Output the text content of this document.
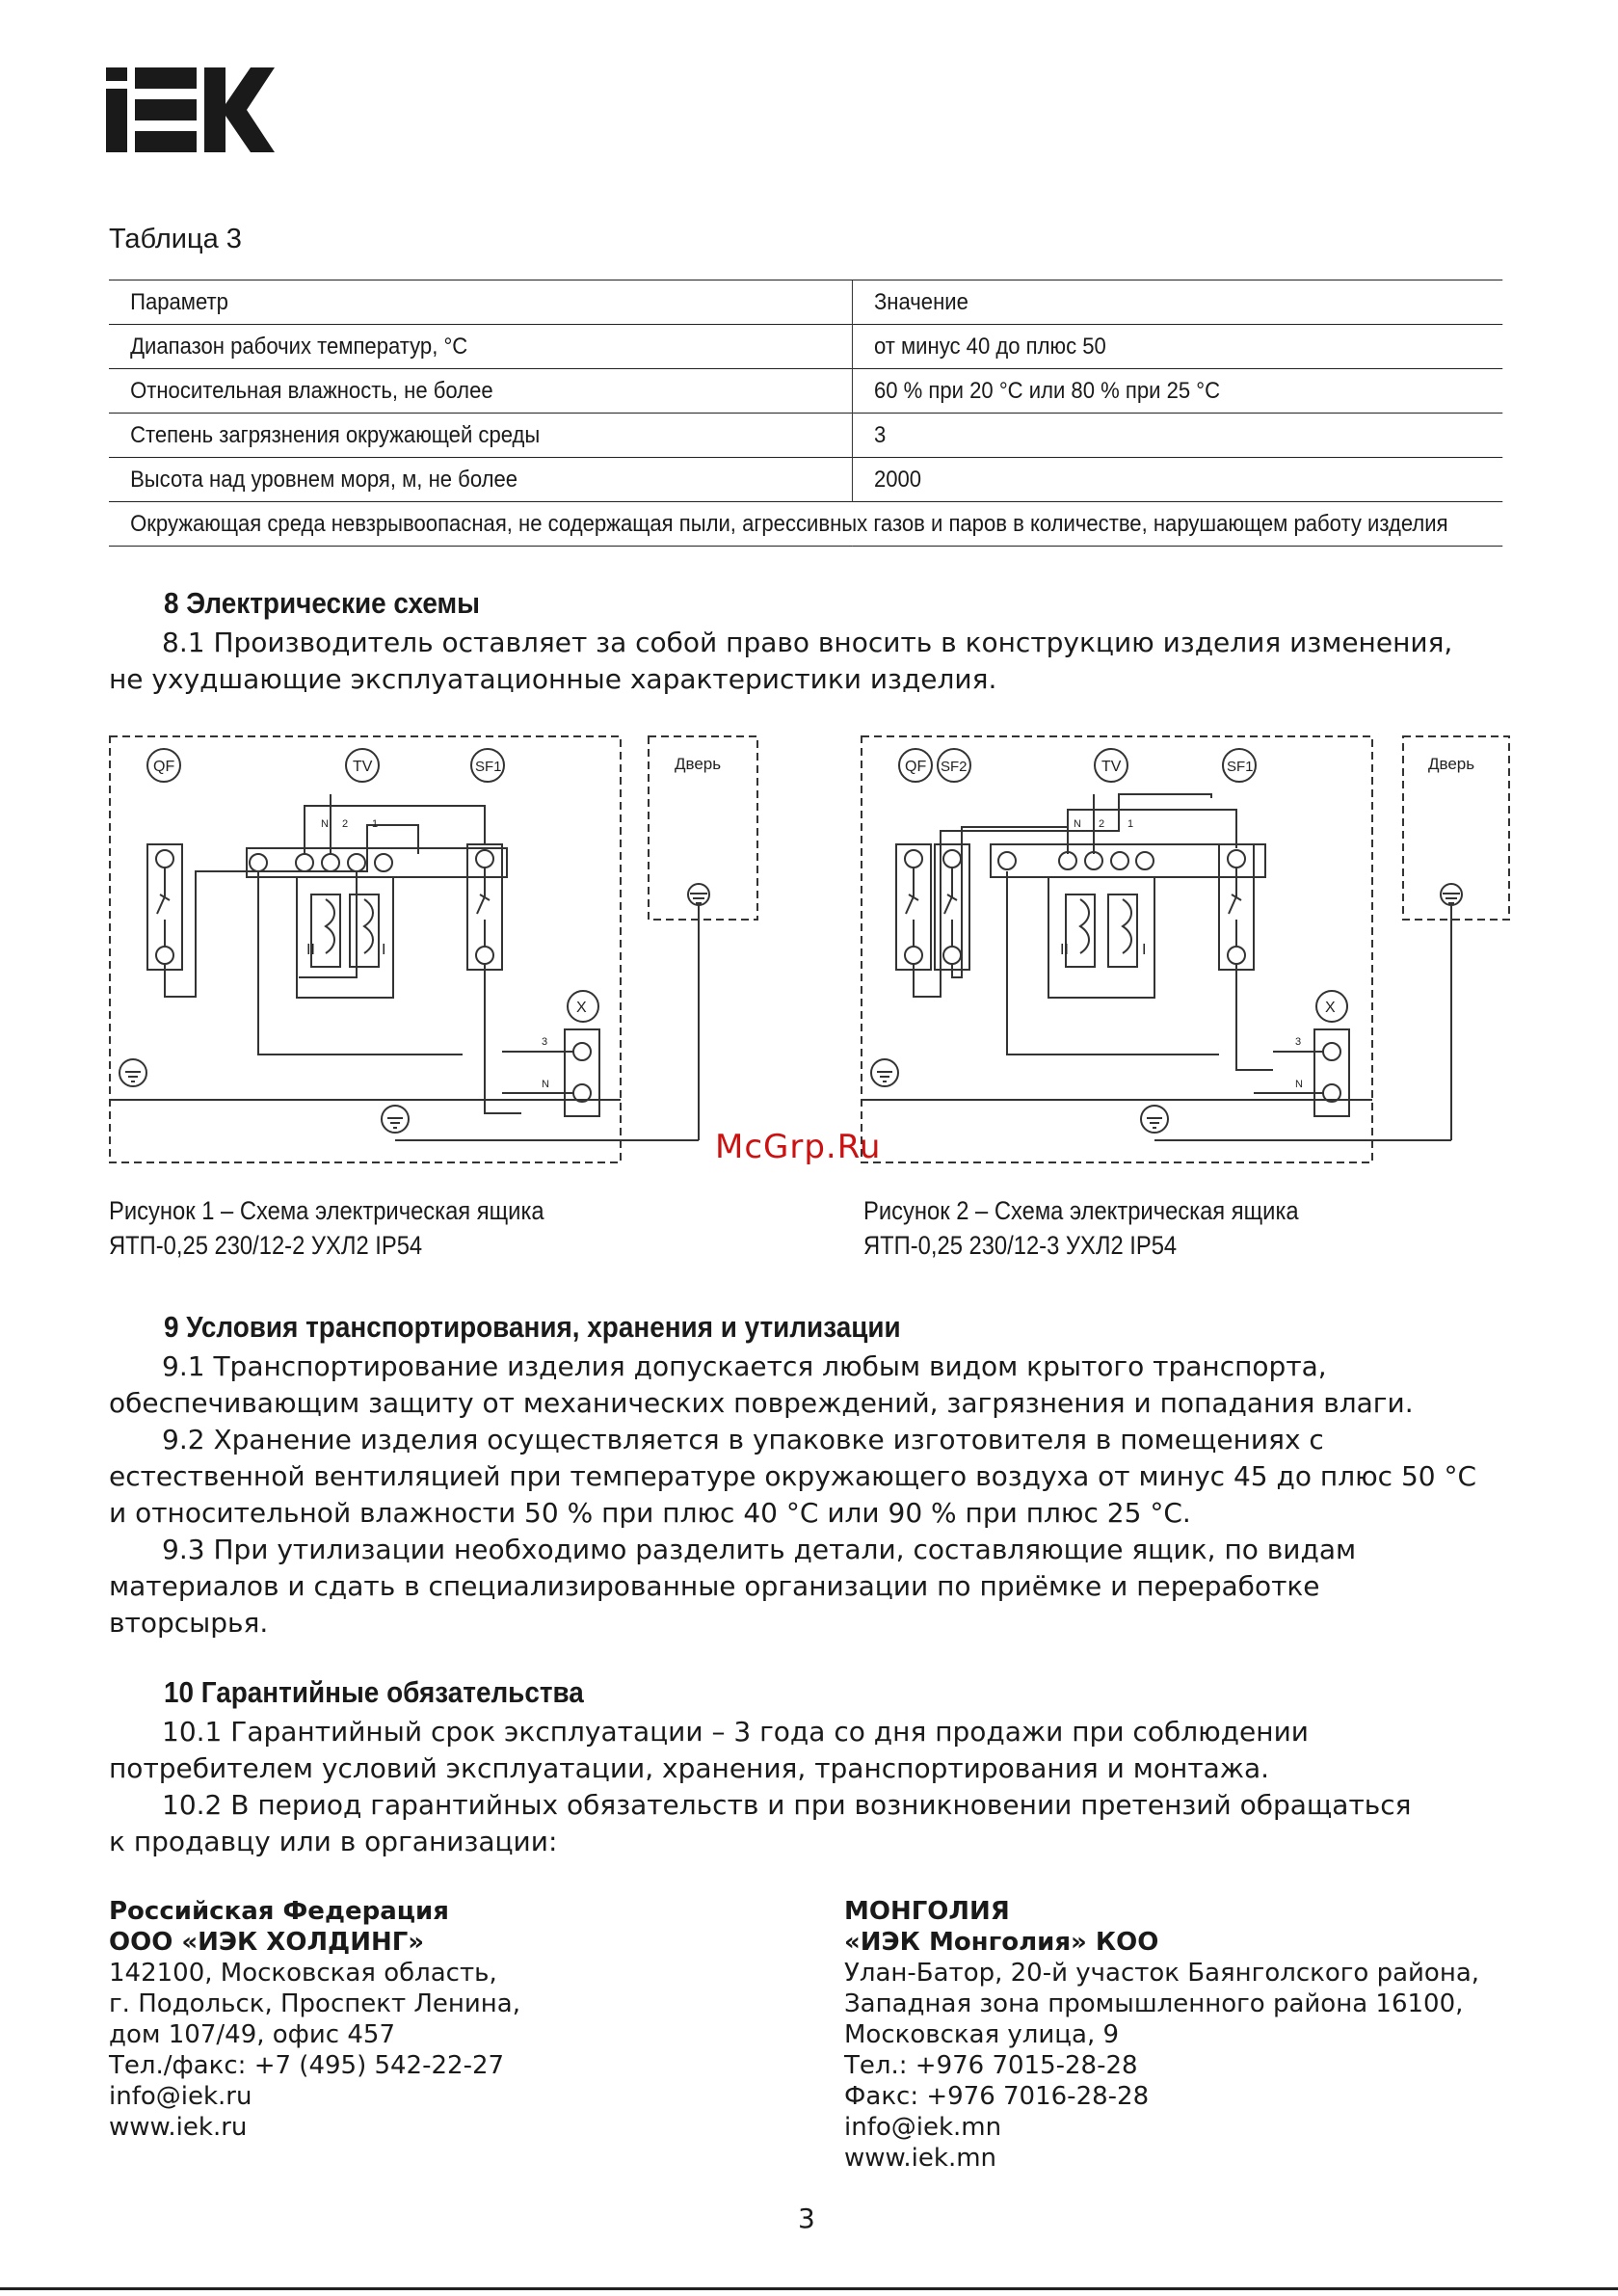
Таблица 3
Параметр	Значение
Диапазон рабочих температур, °C	от минус 40 до плюс 50
Относительная влажность, не более	60 % при 20 °C или 80 % при 25 °C
Степень загрязнения окружающей среды	3
Высота над уровнем моря, м, не более	2000
Окружающая среда невзрывоопасная, не содержащая пыли, агрессивных газов и паров в количестве, нарушающем работу изделия	
8 Электрические схемы
8.1 Производитель оставляет за собой право вносить в конструкцию изделия изменения,
не ухудшающие эксплуатационные характеристики изделия.
Дверь
QF	TV	SF1
II	I
X
3
N
N 2 1
Рисунок 1 – Схема электрическая ящика
ЯТП-0,25 230/12-2 УХЛ2 IP54
Дверь
QF SF2	TV	SF1
II	I
X
3
N
N 2 1
Рисунок 2 – Схема электрическая ящика
ЯТП-0,25 230/12-3 УХЛ2 IP54
McGrp.Ru
9 Условия транспортирования, хранения и утилизации
9.1 Транспортирование изделия допускается любым видом крытого транспорта,
обеспечивающим защиту от механических повреждений, загрязнения и попадания влаги.
9.2 Хранение изделия осуществляется в упаковке изготовителя в помещениях с
естественной вентиляцией при температуре окружающего воздуха от минус 45 до плюс 50 °C
и относительной влажности 50 % при плюс 40 °C или 90 % при плюс 25 °C.
9.3 При утилизации необходимо разделить детали, составляющие ящик, по видам
материалов и сдать в специализированные организации по приёмке и переработке
вторсырья.
10 Гарантийные обязательства
10.1 Гарантийный срок эксплуатации – 3 года со дня продажи при соблюдении
потребителем условий эксплуатации, хранения, транспортирования и монтажа.
10.2 В период гарантийных обязательств и при возникновении претензий обращаться
к продавцу или в организации:
Российская Федерация
ООО «ИЭК ХОЛДИНГ»
142100, Московская область,
г. Подольск, Проспект Ленина,
дом 107/49, офис 457
Тел./факс: +7 (495) 542-22-27
info@iek.ru
www.iek.ru
МОНГОЛИЯ
«ИЭК Монголия» КОО
Улан-Батор, 20-й участок Баянголского района,
Западная зона промышленного района 16100,
Московская улица, 9
Тел.: +976 7015-28-28
Факс: +976 7016-28-28
info@iek.mn
www.iek.mn
3
